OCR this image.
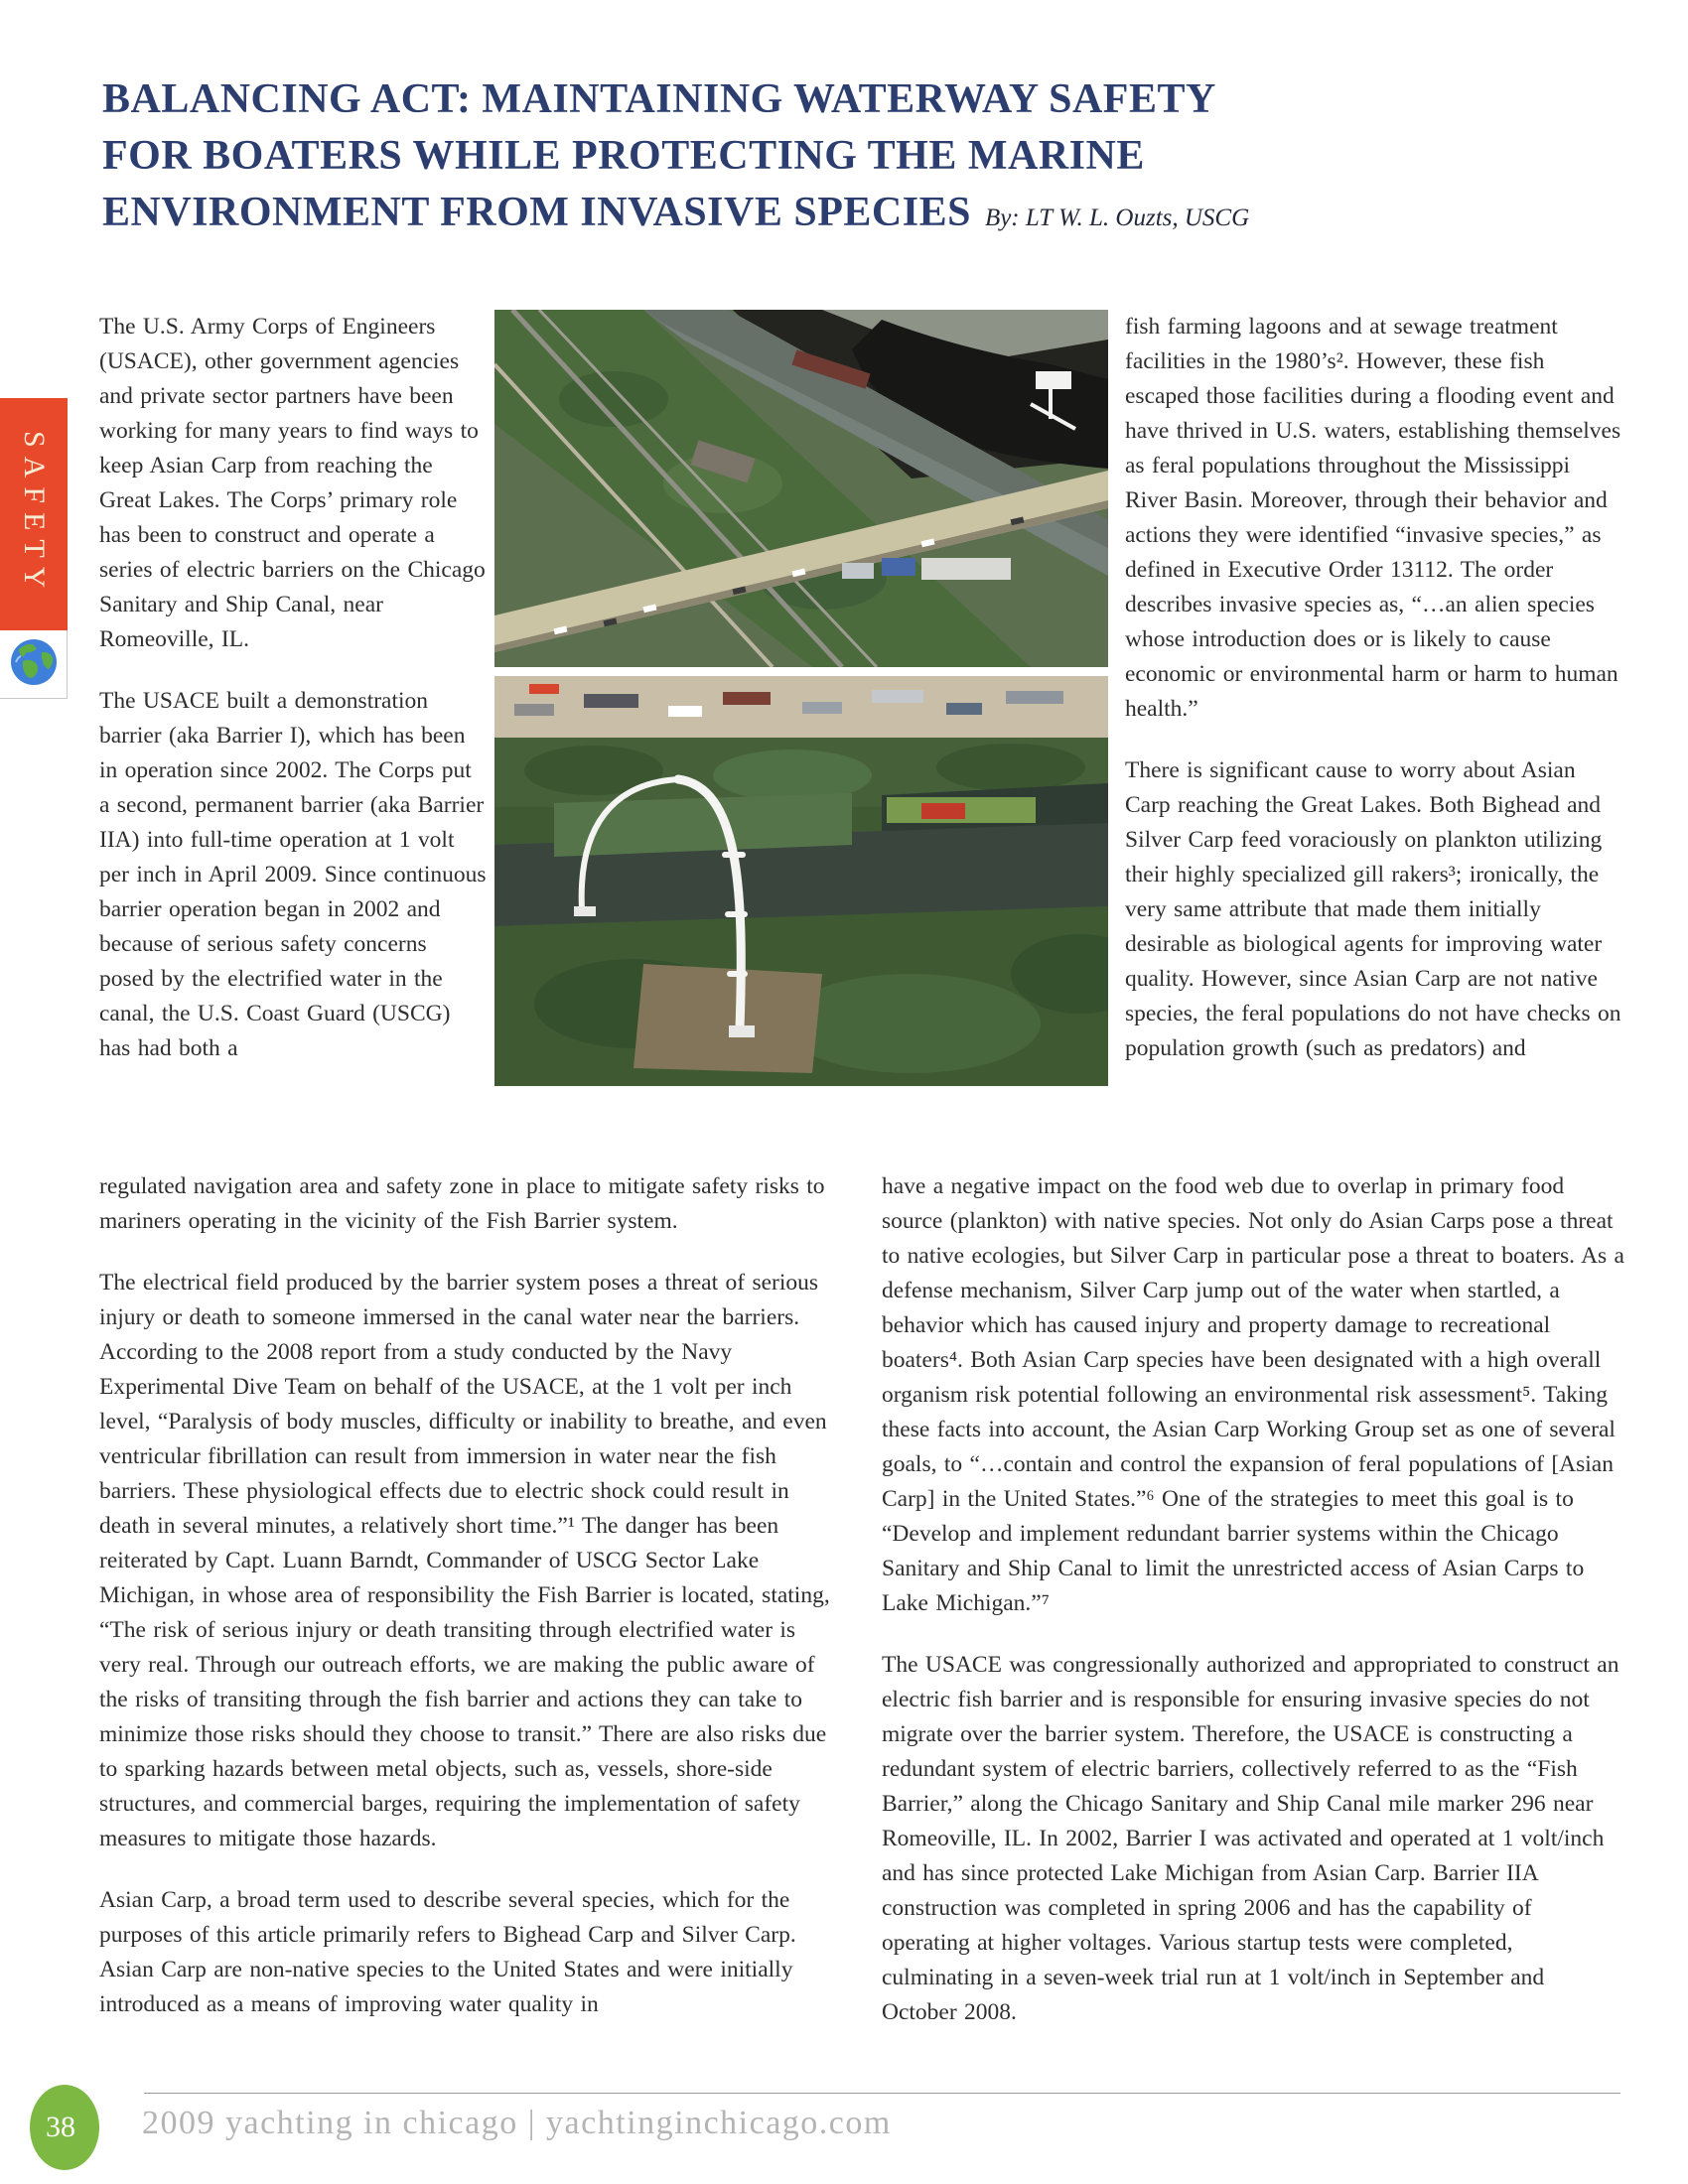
SAFETY
BALANCING ACT: MAINTAINING WATERWAY SAFETY FOR BOATERS WHILE PROTECTING THE MARINE ENVIRONMENT FROM INVASIVE SPECIES By: LT W. L. Ouzts, USCG

The U.S. Army Corps of Engineers (USACE), other government agencies and private sector partners have been working for many years to find ways to keep Asian Carp from reaching the Great Lakes. The Corps’ primary role has been to construct and operate a series of electric barriers on the Chicago Sanitary and Ship Canal, near Romeoville, IL.

The USACE built a demonstration barrier (aka Barrier I), which has been in operation since 2002. The Corps put a second, permanent barrier (aka Barrier IIA) into full-time operation at 1 volt per inch in April 2009. Since continuous barrier operation began in 2002 and because of serious safety concerns posed by the electrified water in the canal, the U.S. Coast Guard (USCG) has had both a

fish farming lagoons and at sewage treatment facilities in the 1980’s². However, these fish escaped those facilities during a flooding event and have thrived in U.S. waters, establishing themselves as feral populations throughout the Mississippi River Basin. Moreover, through their behavior and actions they were identified “invasive species,” as defined in Executive Order 13112. The order describes invasive species as, “…an alien species whose introduction does or is likely to cause economic or environmental harm or harm to human health.”

There is significant cause to worry about Asian Carp reaching the Great Lakes. Both Bighead and Silver Carp feed voraciously on plankton utilizing their highly specialized gill rakers³; ironically, the very same attribute that made them initially desirable as biological agents for improving water quality. However, since Asian Carp are not native species, the feral populations do not have checks on population growth (such as predators) and

regulated navigation area and safety zone in place to mitigate safety risks to mariners operating in the vicinity of the Fish Barrier system.

The electrical field produced by the barrier system poses a threat of serious injury or death to someone immersed in the canal water near the barriers. According to the 2008 report from a study conducted by the Navy Experimental Dive Team on behalf of the USACE, at the 1 volt per inch level, “Paralysis of body muscles, difficulty or inability to breathe, and even ventricular fibrillation can result from immersion in water near the fish barriers. These physiological effects due to electric shock could result in death in several minutes, a relatively short time.”¹ The danger has been reiterated by Capt. Luann Barndt, Commander of USCG Sector Lake Michigan, in whose area of responsibility the Fish Barrier is located, stating, “The risk of serious injury or death transiting through electrified water is very real. Through our outreach efforts, we are making the public aware of the risks of transiting through the fish barrier and actions they can take to minimize those risks should they choose to transit.” There are also risks due to sparking hazards between metal objects, such as, vessels, shore-side structures, and commercial barges, requiring the implementation of safety measures to mitigate those hazards.

Asian Carp, a broad term used to describe several species, which for the purposes of this article primarily refers to Bighead Carp and Silver Carp. Asian Carp are non-native species to the United States and were initially introduced as a means of improving water quality in

have a negative impact on the food web due to overlap in primary food source (plankton) with native species. Not only do Asian Carps pose a threat to native ecologies, but Silver Carp in particular pose a threat to boaters. As a defense mechanism, Silver Carp jump out of the water when startled, a behavior which has caused injury and property damage to recreational boaters⁴. Both Asian Carp species have been designated with a high overall organism risk potential following an environmental risk assessment⁵. Taking these facts into account, the Asian Carp Working Group set as one of several goals, to “…contain and control the expansion of feral populations of [Asian Carp] in the United States.”⁶ One of the strategies to meet this goal is to “Develop and implement redundant barrier systems within the Chicago Sanitary and Ship Canal to limit the unrestricted access of Asian Carps to Lake Michigan.”⁷

The USACE was congressionally authorized and appropriated to construct an electric fish barrier and is responsible for ensuring invasive species do not migrate over the barrier system. Therefore, the USACE is constructing a redundant system of electric barriers, collectively referred to as the “Fish Barrier,” along the Chicago Sanitary and Ship Canal mile marker 296 near Romeoville, IL. In 2002, Barrier I was activated and operated at 1 volt/inch and has since protected Lake Michigan from Asian Carp. Barrier IIA construction was completed in spring 2006 and has the capability of operating at higher voltages. Various startup tests were completed, culminating in a seven-week trial run at 1 volt/inch in September and October 2008.

38 2009 yachting in chicago | yachtinginchicago.com
